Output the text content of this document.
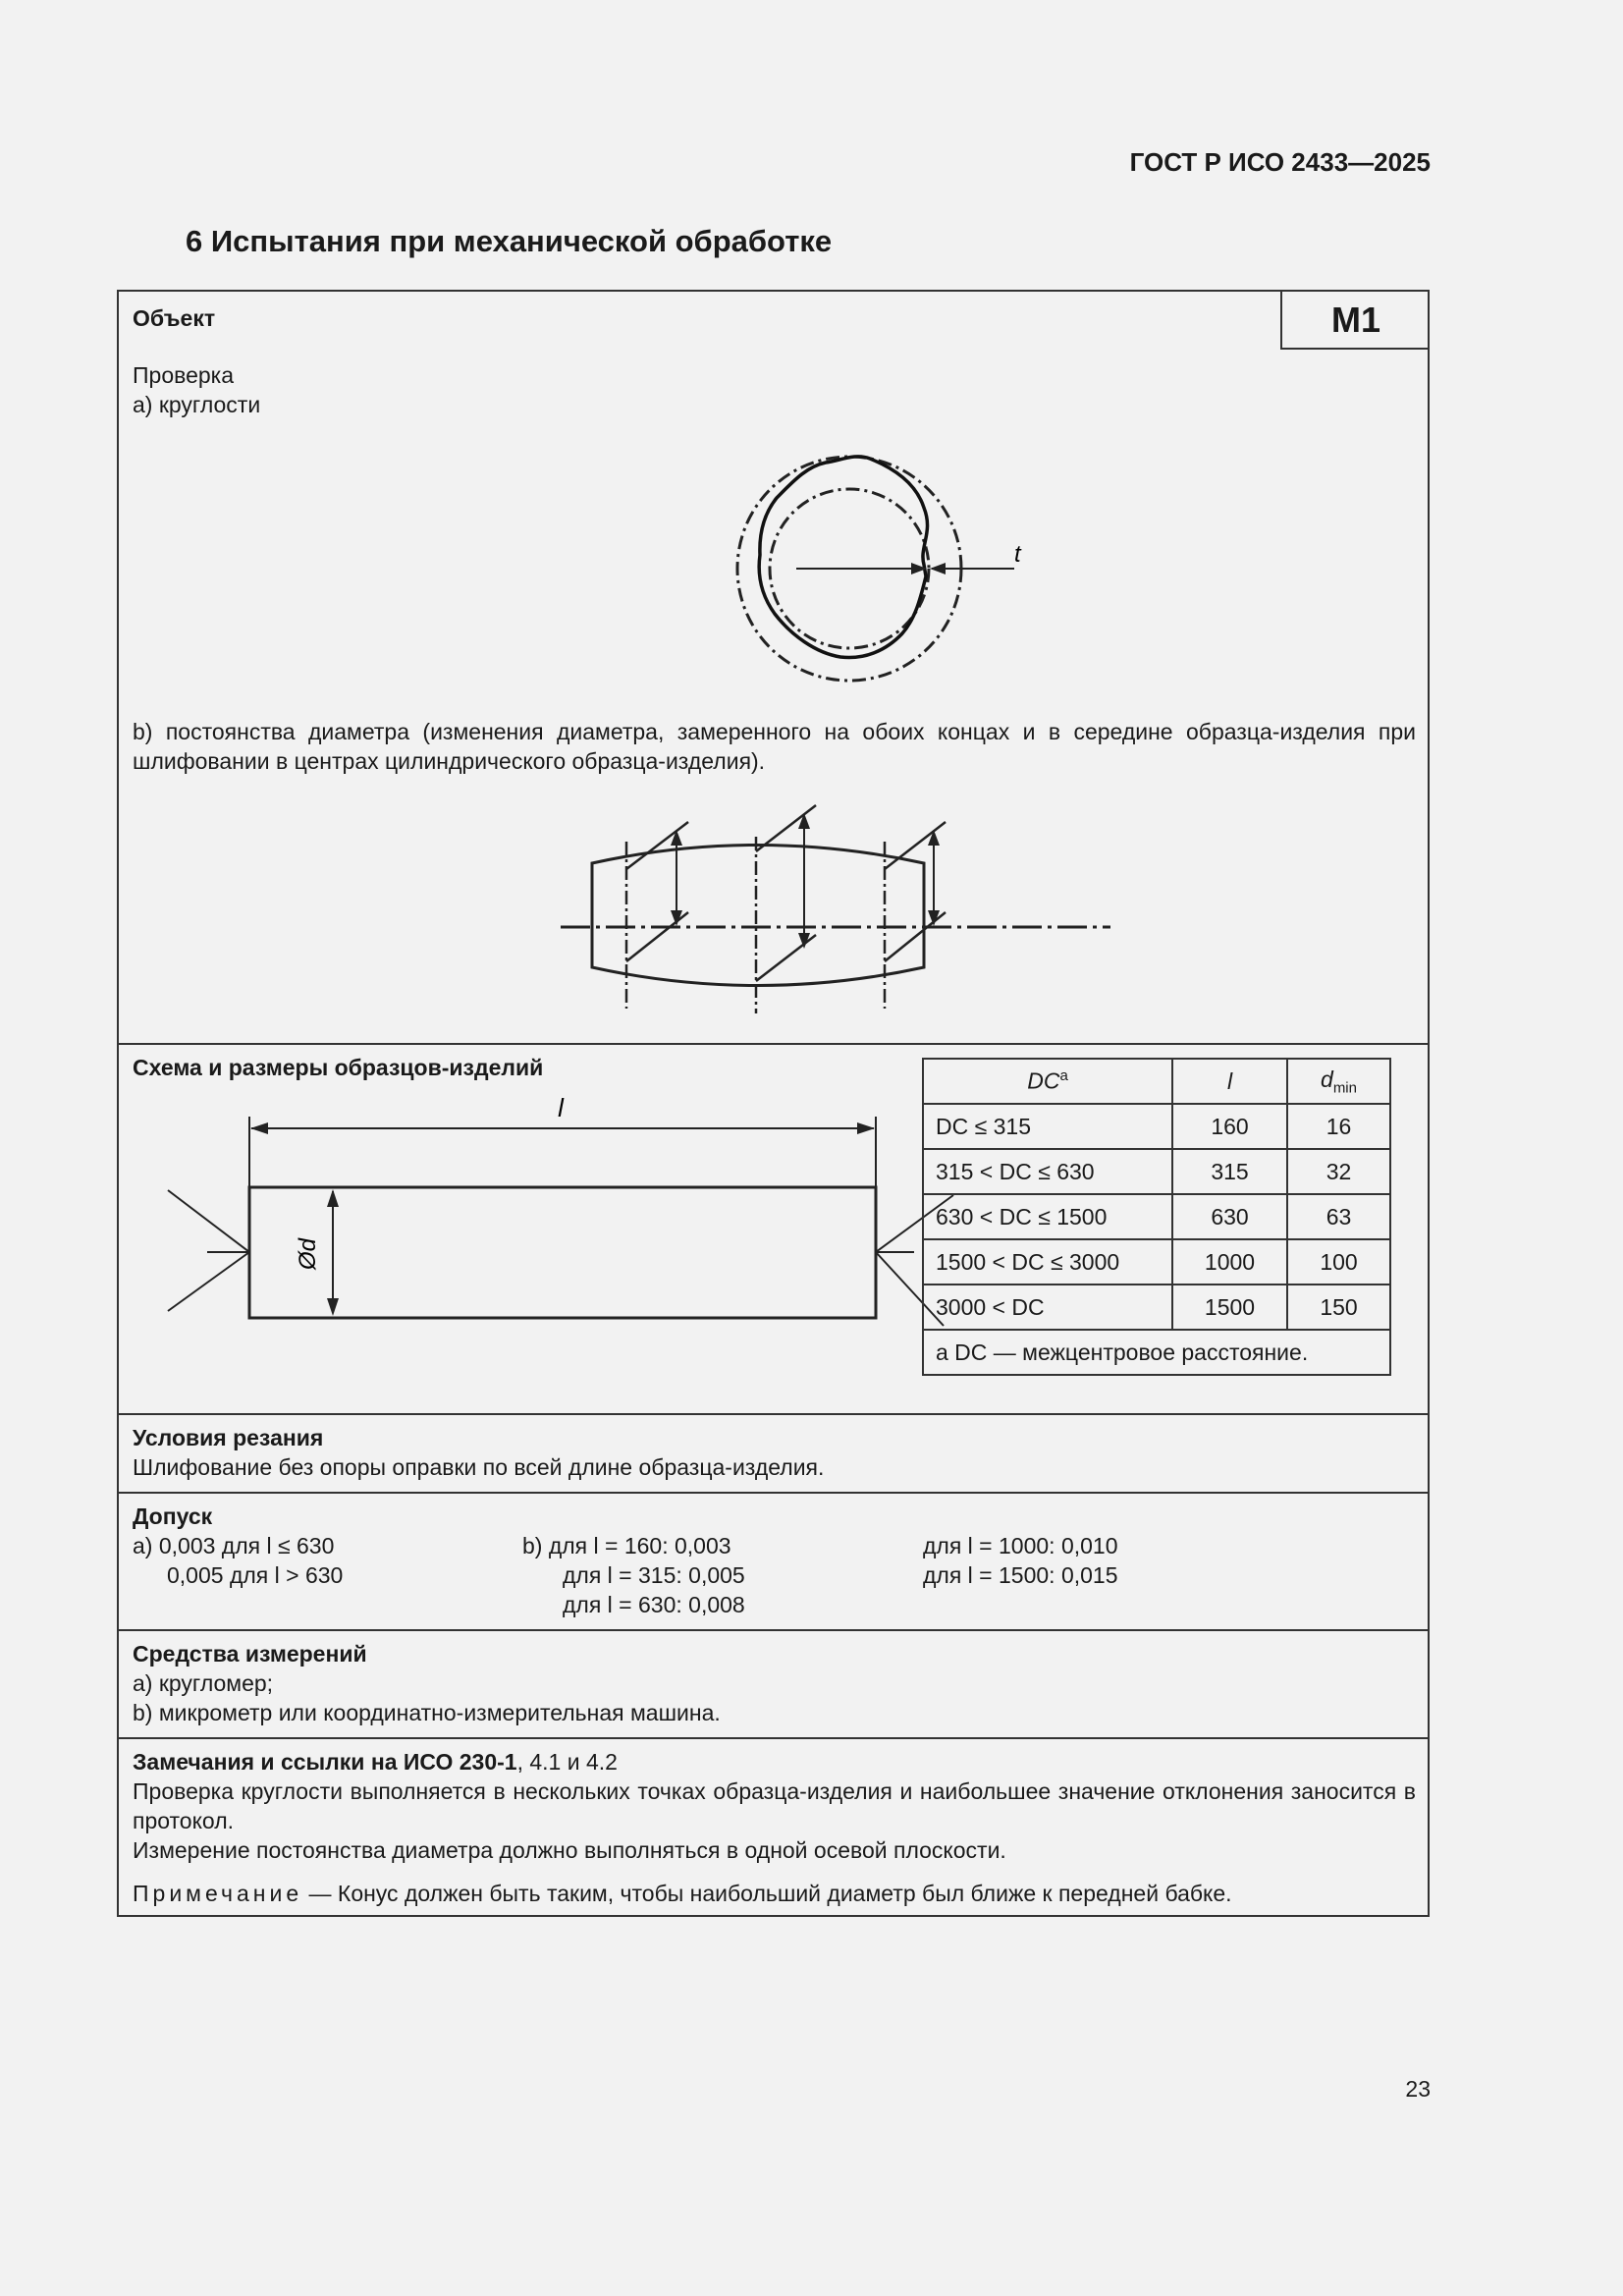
ГОСТ Р ИСО 2433—2025
6 Испытания при механической обработке
M1
Объект
Проверка
a) круглости
t
b) постоянства диаметра (изменения диаметра, замеренного на обоих концах и в середине образца-изделия при шлифовании в центрах цилиндрического образца-изделия).
Схема и размеры образцов-изделий
l
Ød
$DC^a$	l	$d_{min}$
DC ≤ 315	160	16
315 < DC ≤ 630	315	32
630 < DC ≤ 1500	630	63
1500 < DC ≤ 3000	1000	100
3000 < DC	1500	150
a DC — межцентровое расстояние.		
Условия резания
Шлифование без опоры оправки по всей длине образца-изделия.
Допуск
a) 0,003 для l ≤ 630
0,005 для l > 630
b) для l = 160: 0,003
для l = 315: 0,005
для l = 630: 0,008
для l = 1000: 0,010
для l = 1500: 0,015
Средства измерений
a) кругломер;
b) микрометр или координатно-измерительная машина.
Замечания и ссылки на ИСО 230-1, 4.1 и 4.2
Проверка круглости выполняется в нескольких точках образца-изделия и наибольшее значение отклонения заносится в протокол.
Измерение постоянства диаметра должно выполняться в одной осевой плоскости.
Примечание — Конус должен быть таким, чтобы наибольший диаметр был ближе к передней бабке.
23
